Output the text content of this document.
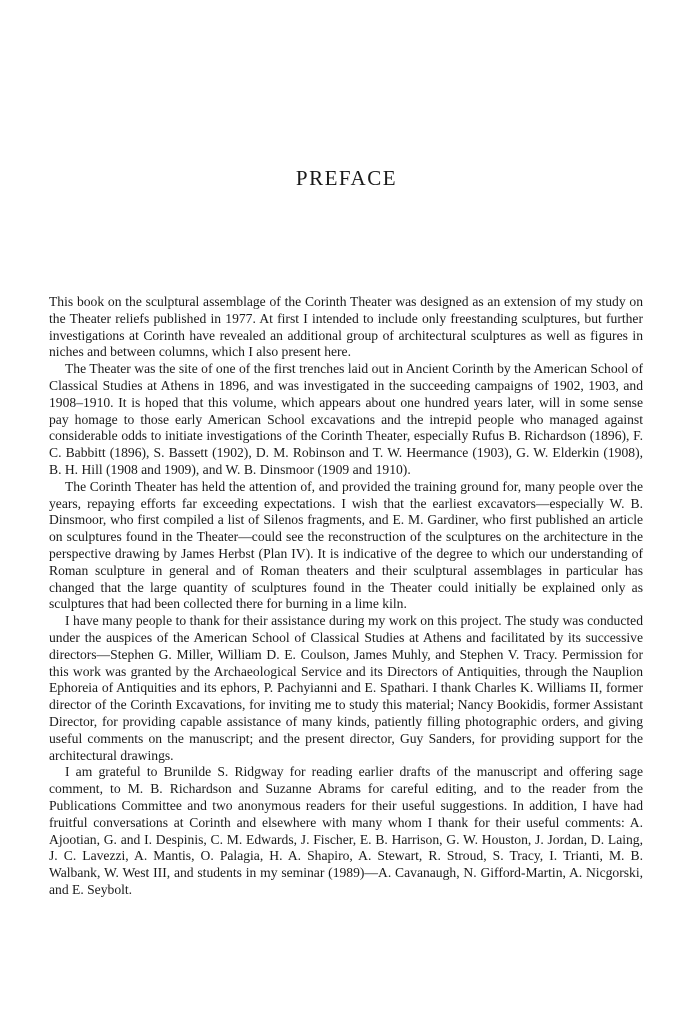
PREFACE

This book on the sculptural assemblage of the Corinth Theater was designed as an extension of my study on the Theater reliefs published in 1977. At first I intended to include only freestanding sculptures, but further investigations at Corinth have revealed an additional group of architectural sculptures as well as figures in niches and between columns, which I also present here.

The Theater was the site of one of the first trenches laid out in Ancient Corinth by the American School of Classical Studies at Athens in 1896, and was investigated in the succeeding campaigns of 1902, 1903, and 1908–1910. It is hoped that this volume, which appears about one hundred years later, will in some sense pay homage to those early American School excavations and the intrepid people who managed against considerable odds to initiate investigations of the Corinth Theater, especially Rufus B. Richardson (1896), F. C. Babbitt (1896), S. Bassett (1902), D. M. Robinson and T. W. Heermance (1903), G. W. Elderkin (1908), B. H. Hill (1908 and 1909), and W. B. Dinsmoor (1909 and 1910).

The Corinth Theater has held the attention of, and provided the training ground for, many people over the years, repaying efforts far exceeding expectations. I wish that the earliest excavators—especially W. B. Dinsmoor, who first compiled a list of Silenos fragments, and E. M. Gardiner, who first published an article on sculptures found in the Theater—could see the reconstruction of the sculptures on the architecture in the perspective drawing by James Herbst (Plan IV). It is indicative of the degree to which our understanding of Roman sculpture in general and of Roman theaters and their sculptural assemblages in particular has changed that the large quantity of sculptures found in the Theater could initially be explained only as sculptures that had been collected there for burning in a lime kiln.

I have many people to thank for their assistance during my work on this project. The study was conducted under the auspices of the American School of Classical Studies at Athens and facilitated by its successive directors—Stephen G. Miller, William D. E. Coulson, James Muhly, and Stephen V. Tracy. Permission for this work was granted by the Archaeological Service and its Directors of Antiquities, through the Nauplion Ephoreia of Antiquities and its ephors, P. Pachyianni and E. Spathari. I thank Charles K. Williams II, former director of the Corinth Excavations, for inviting me to study this material; Nancy Bookidis, former Assistant Director, for providing capable assistance of many kinds, patiently filling photographic orders, and giving useful comments on the manuscript; and the present director, Guy Sanders, for providing support for the architectural drawings.

I am grateful to Brunilde S. Ridgway for reading earlier drafts of the manuscript and offering sage comment, to M. B. Richardson and Suzanne Abrams for careful editing, and to the reader from the Publications Committee and two anonymous readers for their useful suggestions. In addition, I have had fruitful conversations at Corinth and elsewhere with many whom I thank for their useful comments: A. Ajootian, G. and I. Despinis, C. M. Edwards, J. Fischer, E. B. Harrison, G. W. Houston, J. Jordan, D. Laing, J. C. Lavezzi, A. Mantis, O. Palagia, H. A. Shapiro, A. Stewart, R. Stroud, S. Tracy, I. Trianti, M. B. Walbank, W. West III, and students in my seminar (1989)—A. Cavanaugh, N. Gifford-Martin, A. Nicgorski, and E. Seybolt.
